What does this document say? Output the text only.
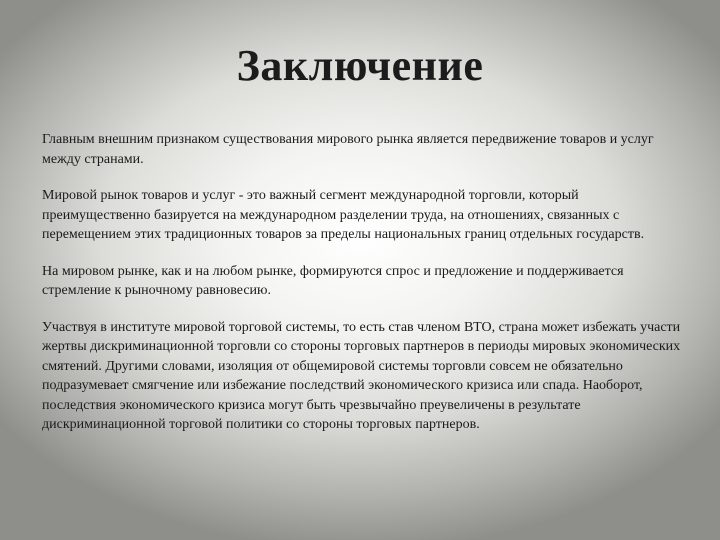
Заключение

Главным внешним признаком существования мирового рынка является передвижение товаров и услуг между странами.

Мировой рынок товаров и услуг - это важный сегмент международной торговли, который преимущественно базируется на международном разделении труда, на отношениях, связанных с перемещением этих традиционных товаров за пределы национальных границ отдельных государств.

На мировом рынке, как и на любом рынке, формируются спрос и предложение и поддерживается стремление к рыночному равновесию.

Участвуя в институте мировой торговой системы, то есть став членом ВТО, страна может избежать участи жертвы дискриминационной торговли со стороны торговых партнеров в периоды мировых экономических смятений. Другими словами, изоляция от общемировой системы торговли совсем не обязательно подразумевает смягчение или избежание последствий экономического кризиса или спада. Наоборот, последствия экономического кризиса могут быть чрезвычайно преувеличены в результате дискриминационной торговой политики со стороны торговых партнеров.
